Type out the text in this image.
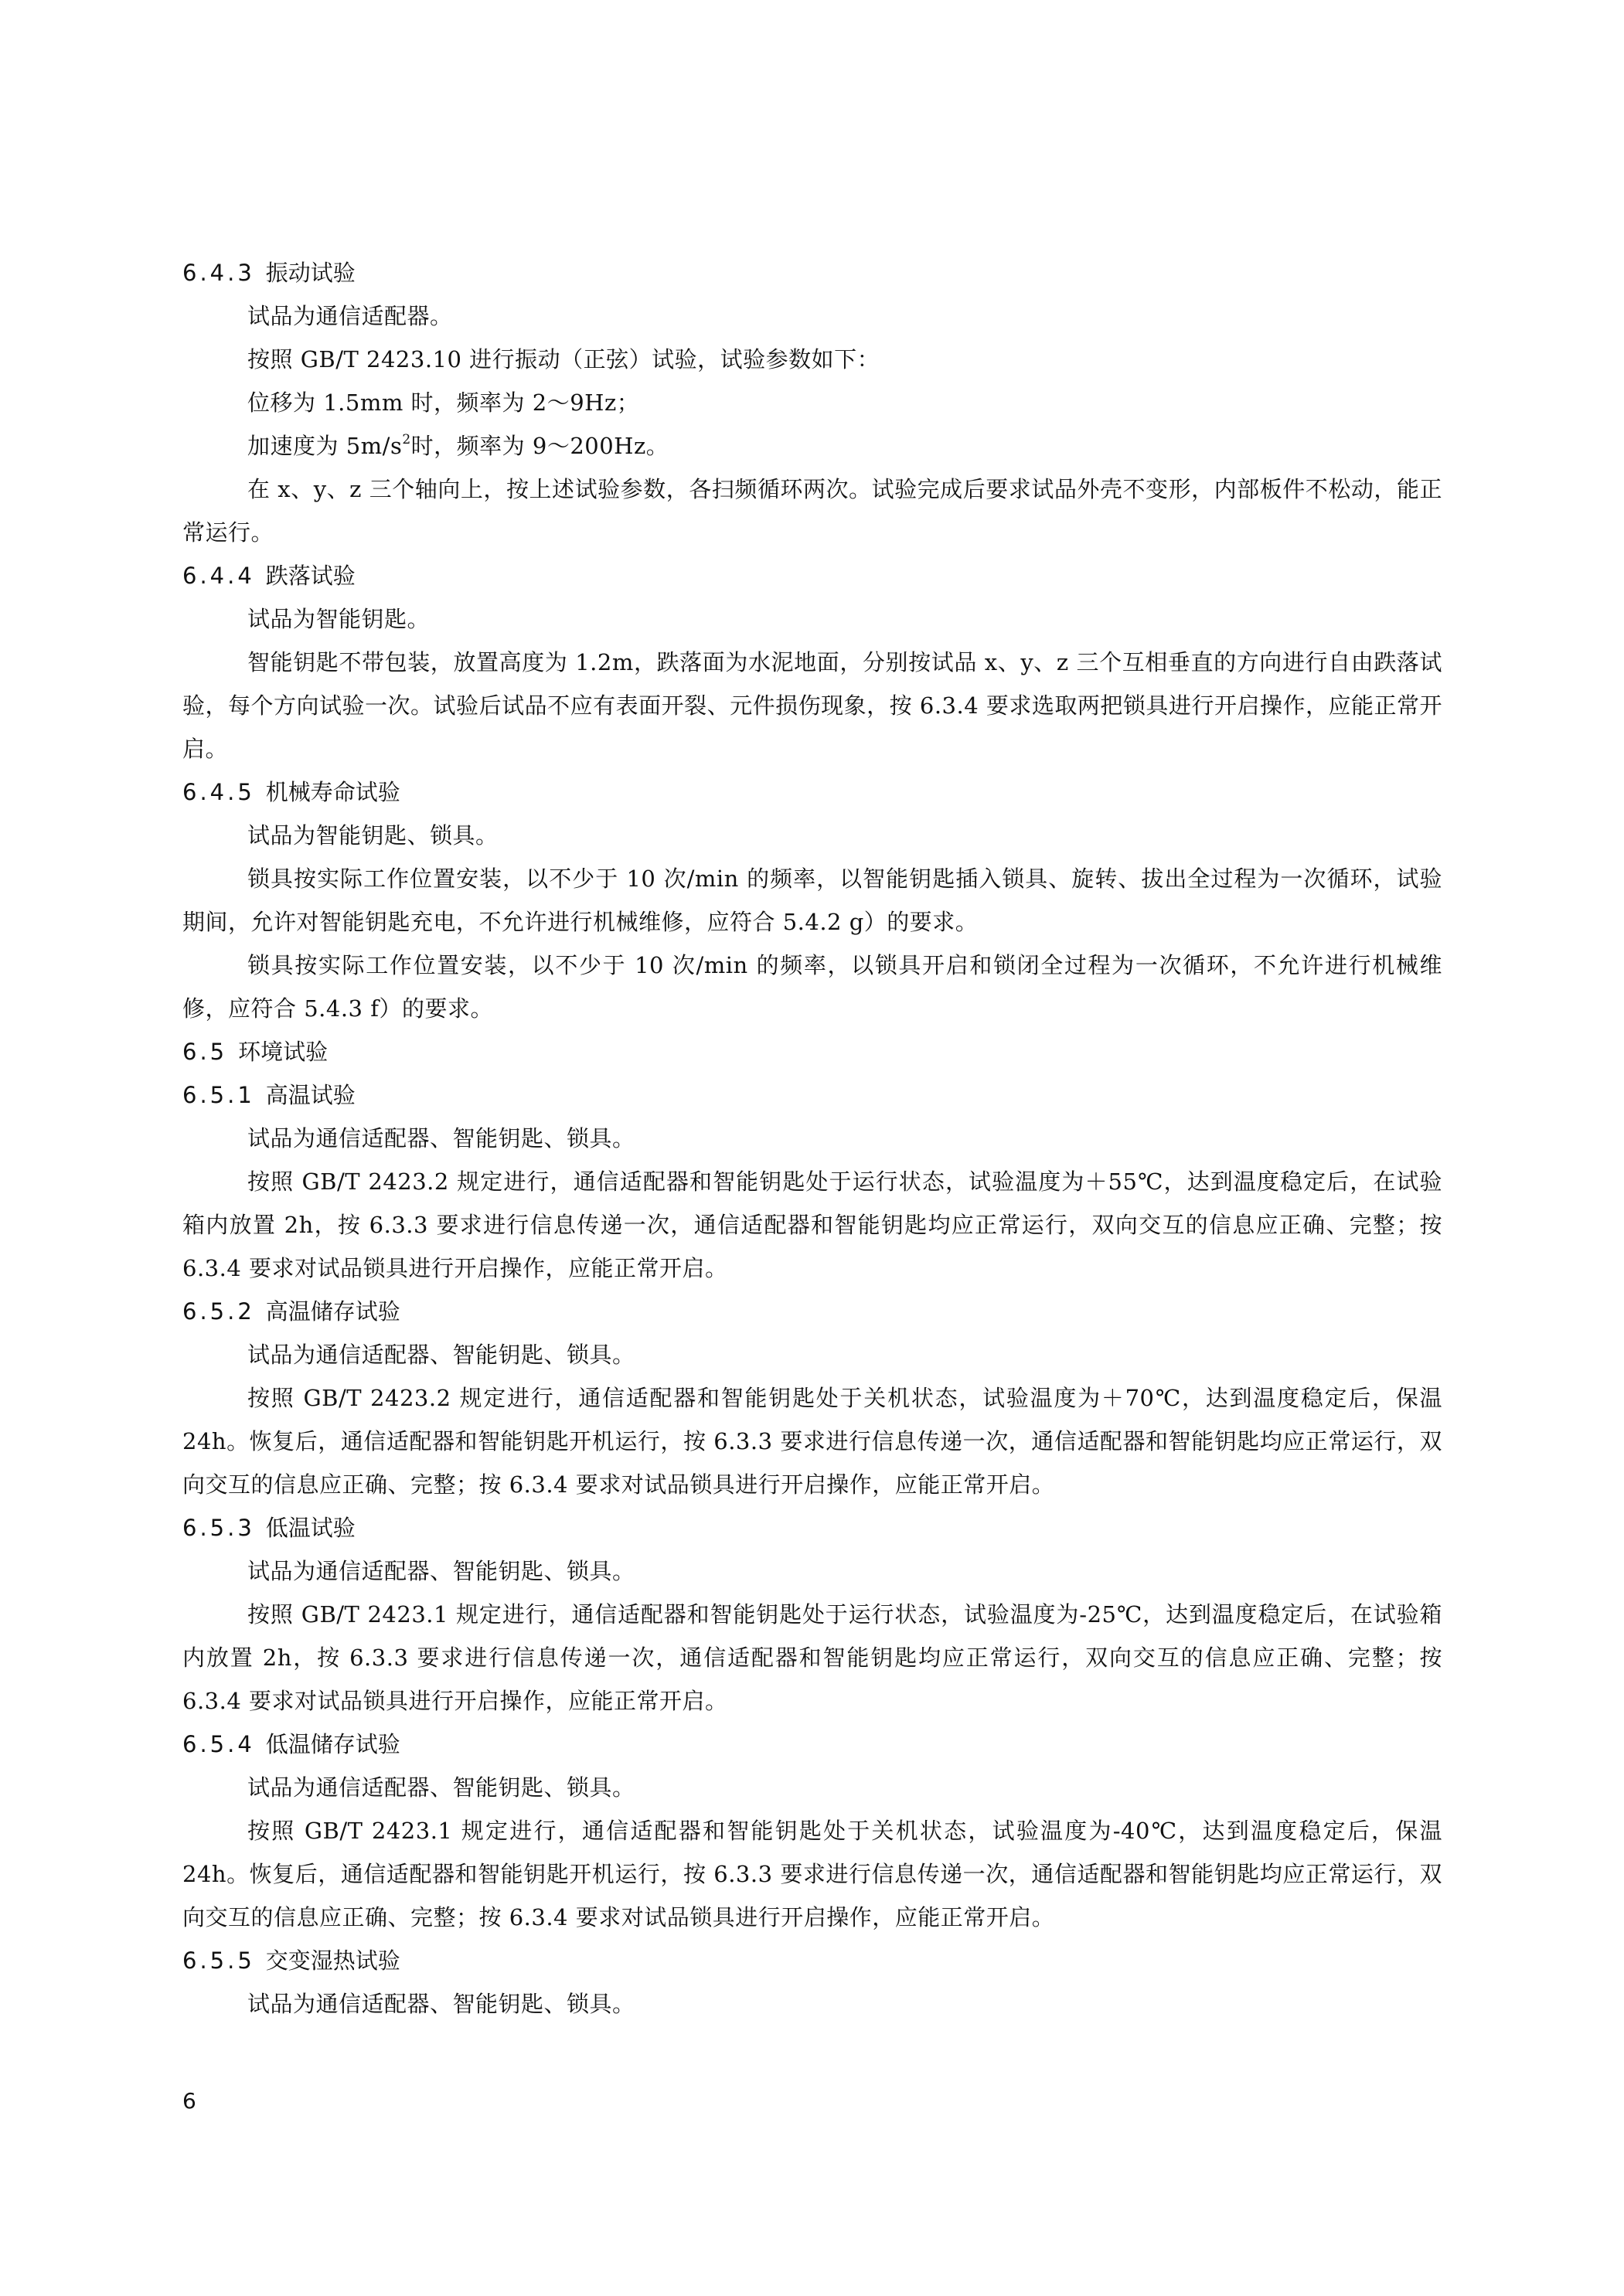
6.4.3 振动试验
试品为通信适配器。
按照 GB/T 2423.10 进行振动（正弦）试验，试验参数如下：
位移为 1.5mm 时，频率为 2～9Hz；
加速度为 $5m/s^2$时，频率为 9～200Hz。
在 x、y、z 三个轴向上，按上述试验参数，各扫频循环两次。试验完成后要求试品外壳不变形，内部板件不松动，能正常运行。
6.4.4 跌落试验
试品为智能钥匙。
智能钥匙不带包装，放置高度为 1.2m，跌落面为水泥地面，分别按试品 x、y、z 三个互相垂直的方向进行自由跌落试验，每个方向试验一次。试验后试品不应有表面开裂、元件损伤现象，按 6.3.4 要求选取两把锁具进行开启操作，应能正常开启。
6.4.5 机械寿命试验
试品为智能钥匙、锁具。
锁具按实际工作位置安装，以不少于 10 次/min 的频率，以智能钥匙插入锁具、旋转、拔出全过程为一次循环，试验期间，允许对智能钥匙充电，不允许进行机械维修，应符合 5.4.2 g）的要求。
锁具按实际工作位置安装，以不少于 10 次/min 的频率，以锁具开启和锁闭全过程为一次循环，不允许进行机械维修，应符合 5.4.3 f）的要求。
6.5 环境试验
6.5.1 高温试验
试品为通信适配器、智能钥匙、锁具。
按照 GB/T 2423.2 规定进行，通信适配器和智能钥匙处于运行状态，试验温度为＋55℃，达到温度稳定后，在试验箱内放置 2h，按 6.3.3 要求进行信息传递一次，通信适配器和智能钥匙均应正常运行，双向交互的信息应正确、完整；按 6.3.4 要求对试品锁具进行开启操作，应能正常开启。
6.5.2 高温储存试验
试品为通信适配器、智能钥匙、锁具。
按照 GB/T 2423.2 规定进行，通信适配器和智能钥匙处于关机状态，试验温度为＋70℃，达到温度稳定后，保温 24h。恢复后，通信适配器和智能钥匙开机运行，按 6.3.3 要求进行信息传递一次，通信适配器和智能钥匙均应正常运行，双向交互的信息应正确、完整；按 6.3.4 要求对试品锁具进行开启操作，应能正常开启。
6.5.3 低温试验
试品为通信适配器、智能钥匙、锁具。
按照 GB/T 2423.1 规定进行，通信适配器和智能钥匙处于运行状态，试验温度为-25℃，达到温度稳定后，在试验箱内放置 2h，按 6.3.3 要求进行信息传递一次，通信适配器和智能钥匙均应正常运行，双向交互的信息应正确、完整；按 6.3.4 要求对试品锁具进行开启操作，应能正常开启。
6.5.4 低温储存试验
试品为通信适配器、智能钥匙、锁具。
按照 GB/T 2423.1 规定进行，通信适配器和智能钥匙处于关机状态，试验温度为-40℃，达到温度稳定后，保温 24h。恢复后，通信适配器和智能钥匙开机运行，按 6.3.3 要求进行信息传递一次，通信适配器和智能钥匙均应正常运行，双向交互的信息应正确、完整；按 6.3.4 要求对试品锁具进行开启操作，应能正常开启。
6.5.5 交变湿热试验
试品为通信适配器、智能钥匙、锁具。
6
